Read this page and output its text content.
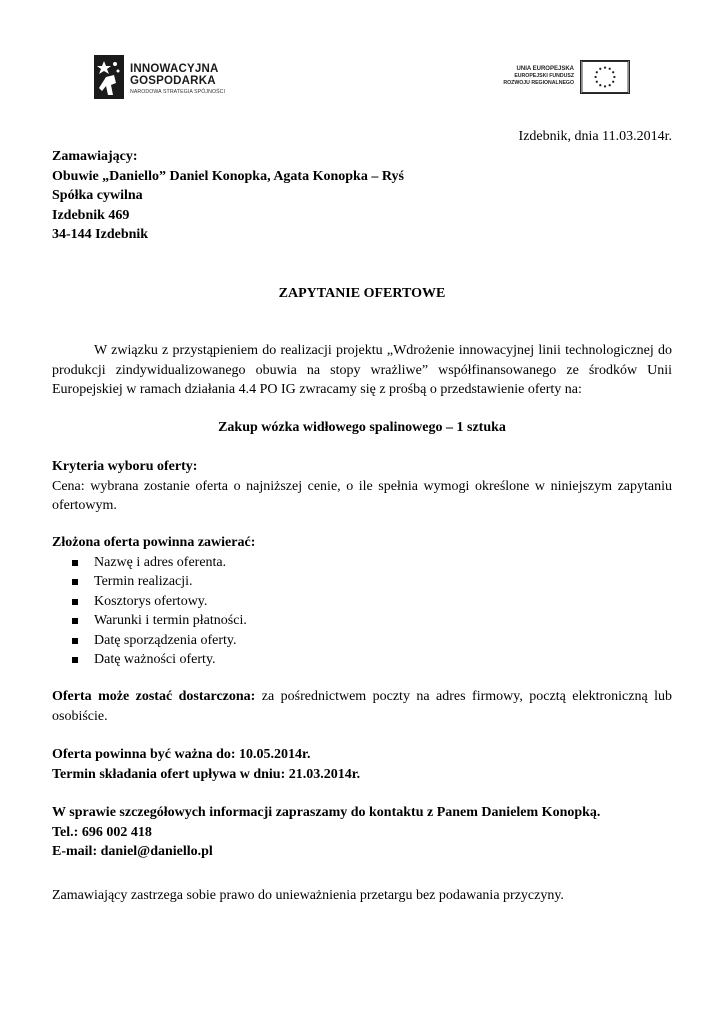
INNOWACYJNA
GOSPODARKA
NARODOWA STRATEGIA SPÓJNOŚCI
UNIA EUROPEJSKA
EUROPEJSKI FUNDUSZ
ROZWOJU REGIONALNEGO
Izdebnik, dnia 11.03.2014r.
Zamawiający:
Obuwie „Daniello” Daniel Konopka, Agata Konopka – Ryś
Spółka cywilna
Izdebnik 469
34-144 Izdebnik
ZAPYTANIE OFERTOWE
W związku z przystąpieniem do realizacji projektu „Wdrożenie innowacyjnej linii technologicznej do produkcji zindywidualizowanego obuwia na stopy wrażliwe” współfinansowanego ze środków Unii Europejskiej w ramach działania 4.4 PO IG zwracamy się z prośbą o przedstawienie oferty na:
Zakup wózka widłowego spalinowego – 1 sztuka
Kryteria wyboru oferty:
Cena: wybrana zostanie oferta o najniższej cenie, o ile spełnia wymogi określone w niniejszym zapytaniu ofertowym.
Złożona oferta powinna zawierać:
Nazwę i adres oferenta.
Termin realizacji.
Kosztorys ofertowy.
Warunki i termin płatności.
Datę sporządzenia oferty.
Datę ważności oferty.
Oferta może zostać dostarczona: za pośrednictwem poczty na adres firmowy, pocztą elektroniczną lub osobiście.
Oferta powinna być ważna do: 10.05.2014r.
Termin składania ofert upływa w dniu: 21.03.2014r.
W sprawie szczegółowych informacji zapraszamy do kontaktu z Panem Danielem Konopką.
Tel.: 696 002 418
E-mail: daniel@daniello.pl
Zamawiający zastrzega sobie prawo do unieważnienia przetargu bez podawania przyczyny.
